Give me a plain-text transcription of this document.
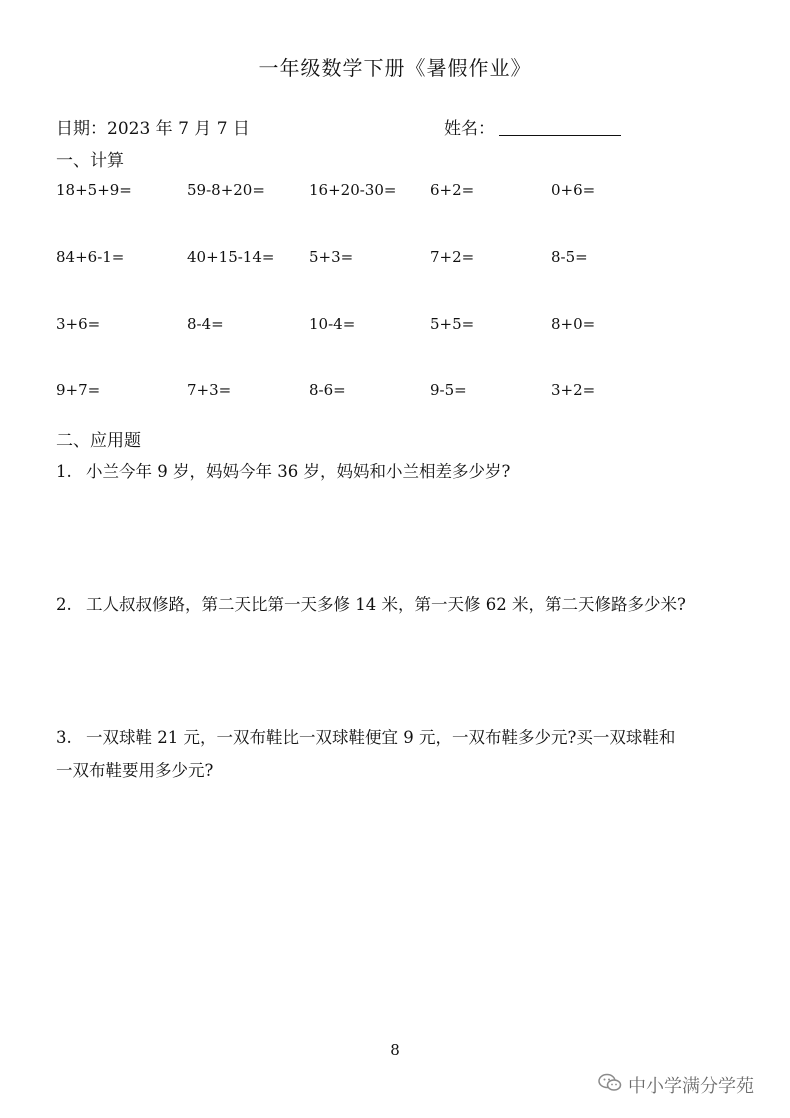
一年级数学下册《暑假作业》
日期：2023 年 7 月 7 日	姓名：
一、计算
18+5+9=	59-8+20=	16+20-30= 6+2=	0+6=
84+6-1=	40+15-14= 5+3=	7+2=	8-5=
3+6=	8-4=	10-4=	5+5=	8+0=
9+7=	7+3=	8-6=	9-5=	3+2=
二、应用题
1. 小兰今年 9 岁，妈妈今年 36 岁，妈妈和小兰相差多少岁?
2. 工人叔叔修路，第二天比第一天多修 14 米，第一天修 62 米，第二天修路多少米?
3. 一双球鞋 21 元，一双布鞋比一双球鞋便宜 9 元，一双布鞋多少元?买一双球鞋和
一双布鞋要用多少元?
8
中小学满分学苑
